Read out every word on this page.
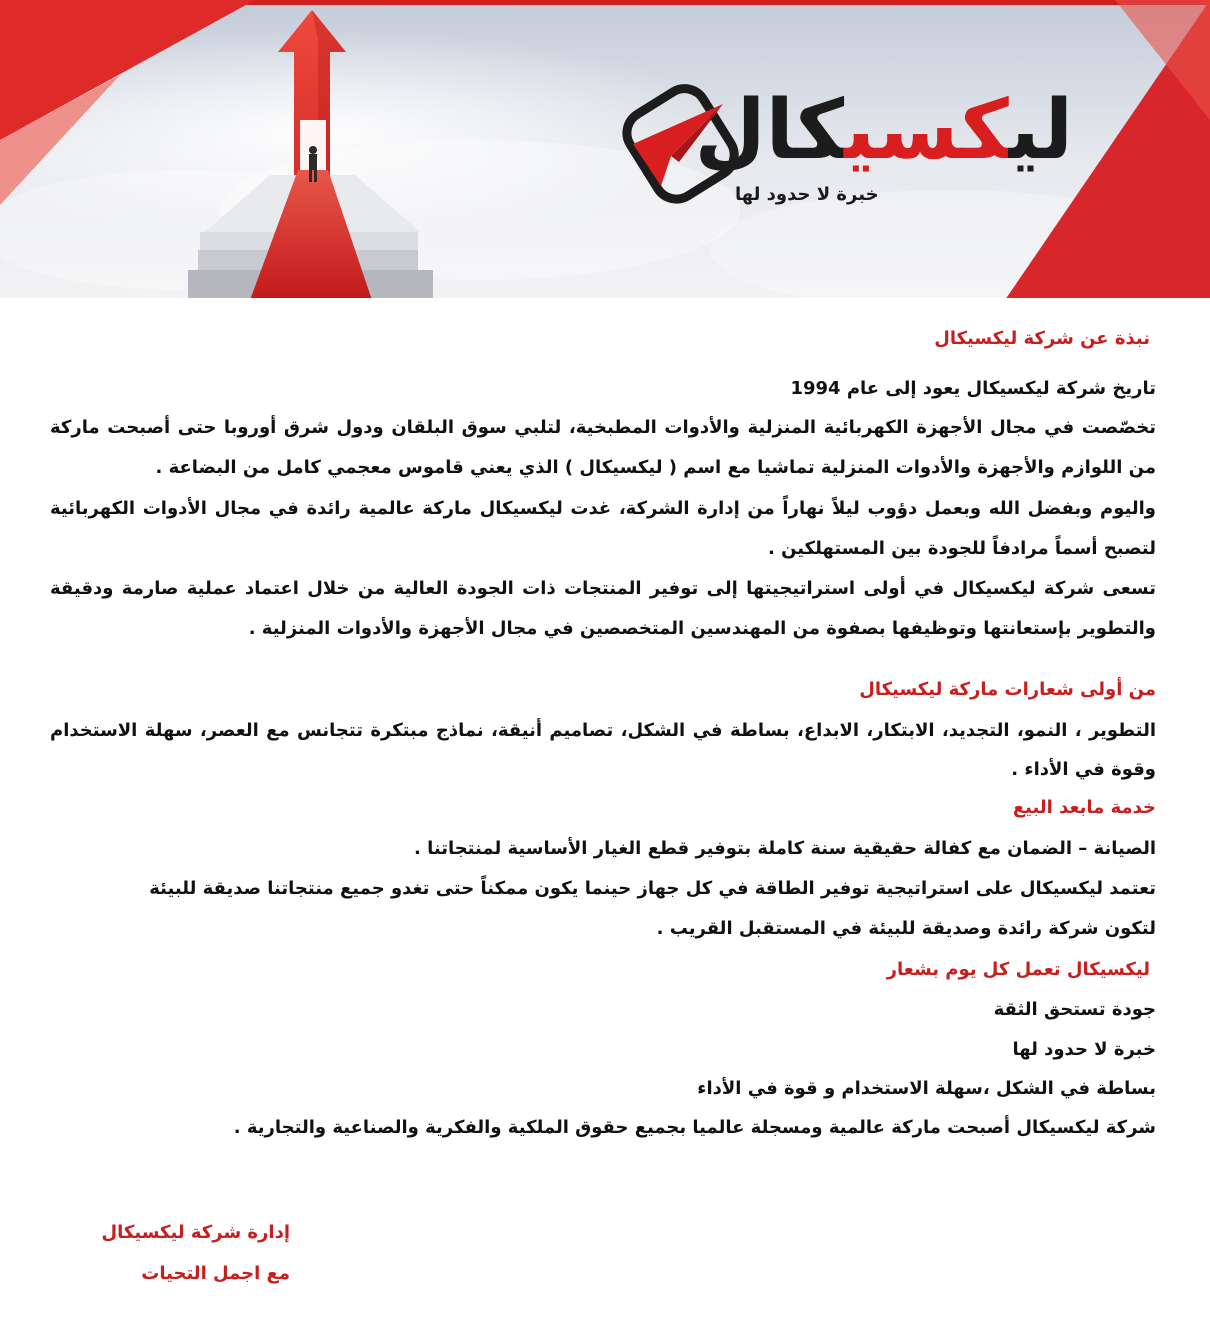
ليكسيكال
خبرة لا حدود لها

نبذة عن شركة ليكسيكال

تاريخ شركة ليكسيكال يعود إلى عام 1994

تخصّصت في مجال الأجهزة الكهربائية المنزلية والأدوات المطبخية، لتلبي سوق البلقان ودول شرق أوروبا حتى أصبحت ماركة

من اللوازم والأجهزة والأدوات المنزلية تماشيا مع اسم ( ليكسيكال ) الذي يعني قاموس معجمي كامل من البضاعة .

واليوم وبفضل الله وبعمل دؤوب ليلاً نهاراً من إدارة الشركة، غدت ليكسيكال ماركة عالمية رائدة في مجال الأدوات الكهربائية

لتصبح أسماً مرادفاً للجودة بين المستهلكين .

تسعى شركة ليكسيكال في أولى استراتيجيتها إلى توفير المنتجات ذات الجودة العالية من خلال اعتماد عملية صارمة ودقيقة

والتطوير بإستعانتها وتوظيفها بصفوة من المهندسين المتخصصين في مجال الأجهزة والأدوات المنزلية .

من أولى شعارات ماركة ليكسيكال

التطوير ، النمو، التجديد، الابتكار، الابداع، بساطة في الشكل، تصاميم أنيقة، نماذج مبتكرة تتجانس مع العصر، سهلة الاستخدام

وقوة في الأداء .

خدمة مابعد البيع

الصيانة – الضمان مع كفالة حقيقية سنة كاملة بتوفير قطع الغيار الأساسية لمنتجاتنا .

تعتمد ليكسيكال على استراتيجية توفير الطاقة في كل جهاز حينما يكون ممكناً حتى تغدو جميع منتجاتنا صديقة للبيئة

لتكون شركة رائدة وصديقة للبيئة في المستقبل القريب .

ليكسيكال تعمل كل يوم بشعار

جودة تستحق الثقة

خبرة لا حدود لها

بساطة في الشكل ،سهلة الاستخدام و قوة في الأداء

شركة ليكسيكال أصبحت ماركة عالمية ومسجلة عالميا بجميع حقوق الملكية والفكرية والصناعية والتجارية .

إدارة شركة ليكسيكال

مع اجمل التحيات
